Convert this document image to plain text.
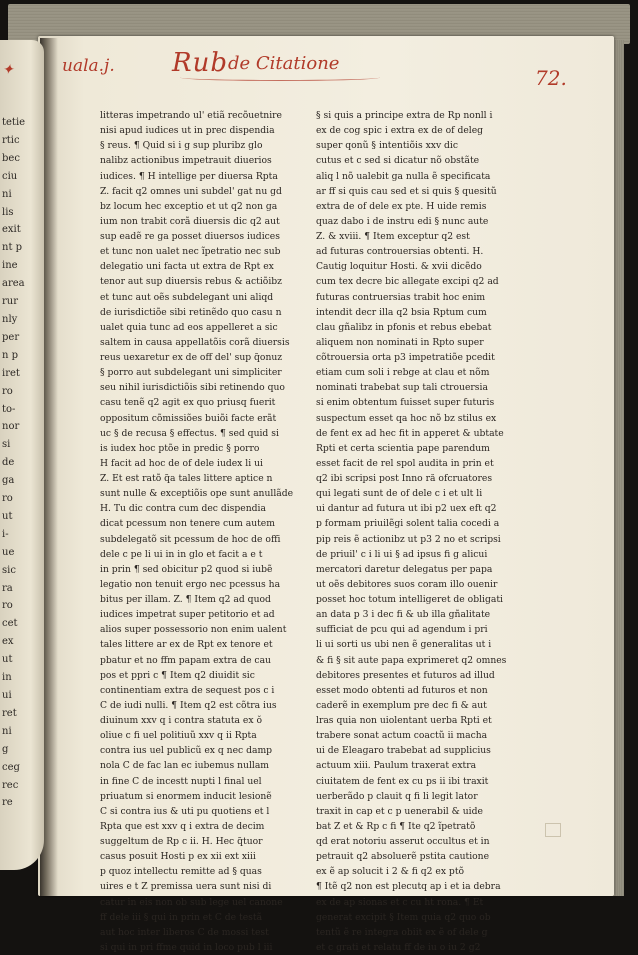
✦
tetie
rtic
bec
ciu
ni
lis
exit
nt p
ine
area
rur
nly
per
n p
iret
ro
to-
nor
si
de
ga
ro
ut
i-
ue
sic
ra
ro
cet
ex
ut
in
ui
ret
ni
g
ceg
rec
re
uala.j. Rub de Citatione
72.
litteras impetrando ul' etiã recõuetnire
nisi apud iudices ut in prec dispendia
§ reus. ¶ Quid si i g sup pluribz glo
nalibz actionibus impetrauit diuerios
iudices. ¶ H intellige per diuersa Rpta
Z. facit q2 omnes uni subdel' gat nu gd
bz locum hec exceptio et ut q2 non ga
ium non trabit corã diuersis dic q2 aut
sup eadẽ re ga posset diuersos iudices
et tunc non ualet nec ĩpetratio nec sub
delegatio uni facta ut extra de Rpt ex
tenor aut sup diuersis rebus & actiõibz
et tunc aut oẽs subdelegant uni aliqd
de iurisdictiõe sibi retinẽdo quo casu n
ualet quia tunc ad eos appelleret a sic
saltem in causa appellatõis corã diuersis
reus uexaretur ex de off del' sup q̃onuz
§ porro aut subdelegant uni simpliciter
seu nihil iurisdictiõis sibi retinendo quo
casu tenẽ q2 agit ex quo priusq fuerit
oppositum cõmissiões buiõi facte erãt
uc § de recusa § effectus. ¶ sed quid si
is iudex hoc ptõe in predic § porro
H facit ad hoc de of dele iudex li ui
Z. Et est ratõ q̃a tales littere aptice n
sunt nulle & exceptiõis ope sunt anullãde
H. Tu dic contra cum dec dispendia
dicat pcessum non tenere cum autem
subdelegatõ sit pcessum de hoc de offi
dele c pe li ui in in glo et facit a e t
in prin ¶ sed obicitur p2 quod si iubẽ
legatio non tenuit ergo nec pcessus ha
bitus per illam. Z. ¶ Item q2 ad quod
iudices impetrat super petitorio et ad
alios super possessorio non enim ualent
tales littere ar ex de Rpt ex tenore et
pbatur et no ffm papam extra de cau
pos et ppri c ¶ Item q2 diuidit sic
continentiam extra de sequest pos c i
C de iudi nulli. ¶ Item q2 est cõtra ius
diuinum xxv q i contra statuta ex ŏ
oliue c fi uel politiuũ xxv q ii Rpta
contra ius uel publicũ ex q nec damp
nola C de fac lan ec iubemus nullam
in fine C de incestt nupti l final uel
priuatum si enormem inducit lesionẽ
C si contra ius & uti pu quotiens et l
Rpta que est xxv q i extra de decim
suggeltum de Rp c ii. H. Hec q̃tuor
casus posuit Hosti p ex xii ext xiii
p quoz intellectu remitte ad § quas
uires e t Z premissa uera sunt nisi di
catur in eis non ob sub lege uel canone
ff dele iii § qui in prin et C de testã
aut hoc inter liberos C de mossi test
si qui in pri ffme quid in loco pub l iii
§ si quis a principe extra de Rp nonll i
ex de cog spic i extra ex de of deleg
super qonũ § intentiõis xxv dic
cutus et c sed si dicatur nõ obstãte
aliq l nõ ualebit ga nulla ẽ specificata
ar ff si quis cau sed et si quis § quesitũ
extra de of dele ex pte. H uide remis
quaz dabo i de instru edi § nunc aute
Z. & xviii. ¶ Item exceptur q2 est
ad futuras controuersias obtenti. H.
Cautig loquitur Hosti. & xvii dicẽdo
cum tex decre bic allegate excipi q2 ad
futuras contruersias trabit hoc enim
intendit decr illa q2 bsia Rptum cum
clau gñalibz in pfonis et rebus ebebat
aliquem non nominati in Rpto super
cõtrouersia orta p3 impetratiõe pcedit
etiam cum soli i rebge at clau et nõm
nominati trabebat sup tali ctrouersia
si enim obtentum fuisset super futuris
suspectum esset qa hoc nõ bz stilus ex
de fent ex ad hec fit in apperet & ubtate
Rpti et certa scientia pape parendum
esset facit de rel spol audita in prin et
q2 ibi scripsi post Inno ră ofcruatores
qui legati sunt de of dele c i et ult li
ui dantur ad futura ut ibi p2 uex eft q2
p formam priuilẽgi solent talia cocedi a
pip reis ẽ actionibz ut p3 2 no et scripsi
de priuil' c i li ui § ad ipsus fi g alicui
mercatori daretur delegatus per papa
ut oẽs debitores suos coram illo ouenir
posset hoc totum intelligeret de obligati
an data p 3 i dec fi & ub illa gñalitate
sufficiat de pcu qui ad agendum i pri
li ui sorti us ubi nen ẽ generalitas ut i
& fi § sit aute papa exprimeret q2 omnes
debitores presentes et futuros ad illud
esset modo obtenti ad futuros et non
caderẽ in exemplum pre dec fi & aut
lras quia non uiolentant uerba Rpti et
trabere sonat actum coactũ ii macha
ui de Eleagaro trabebat ad supplicius
actuum xiii. Paulum traxerat extra
ciuitatem de fent ex cu ps ii ibi traxit
uerberãdo p clauit q fi li legit lator
traxit in cap et c p uenerabil & uide
bat Z et & Rp c fi ¶ Ite q2 ĩpetratõ
qd erat notoriu asserut occultus et in
petrauit q2 absoluerẽ pstita cautione
ex ẽ ap solucit i 2 & fi q2 ex ptõ
¶ Itẽ q2 non est plecutq ap i et ia debra
ex de ap sionas et c cu ht rona. ¶ Et
generat excipit § Item quia q2 quo ob
tentũ ẽ re integra obiit ex ẽ of dele g
et c grati et relatu ff de iu o iu 2 g2
